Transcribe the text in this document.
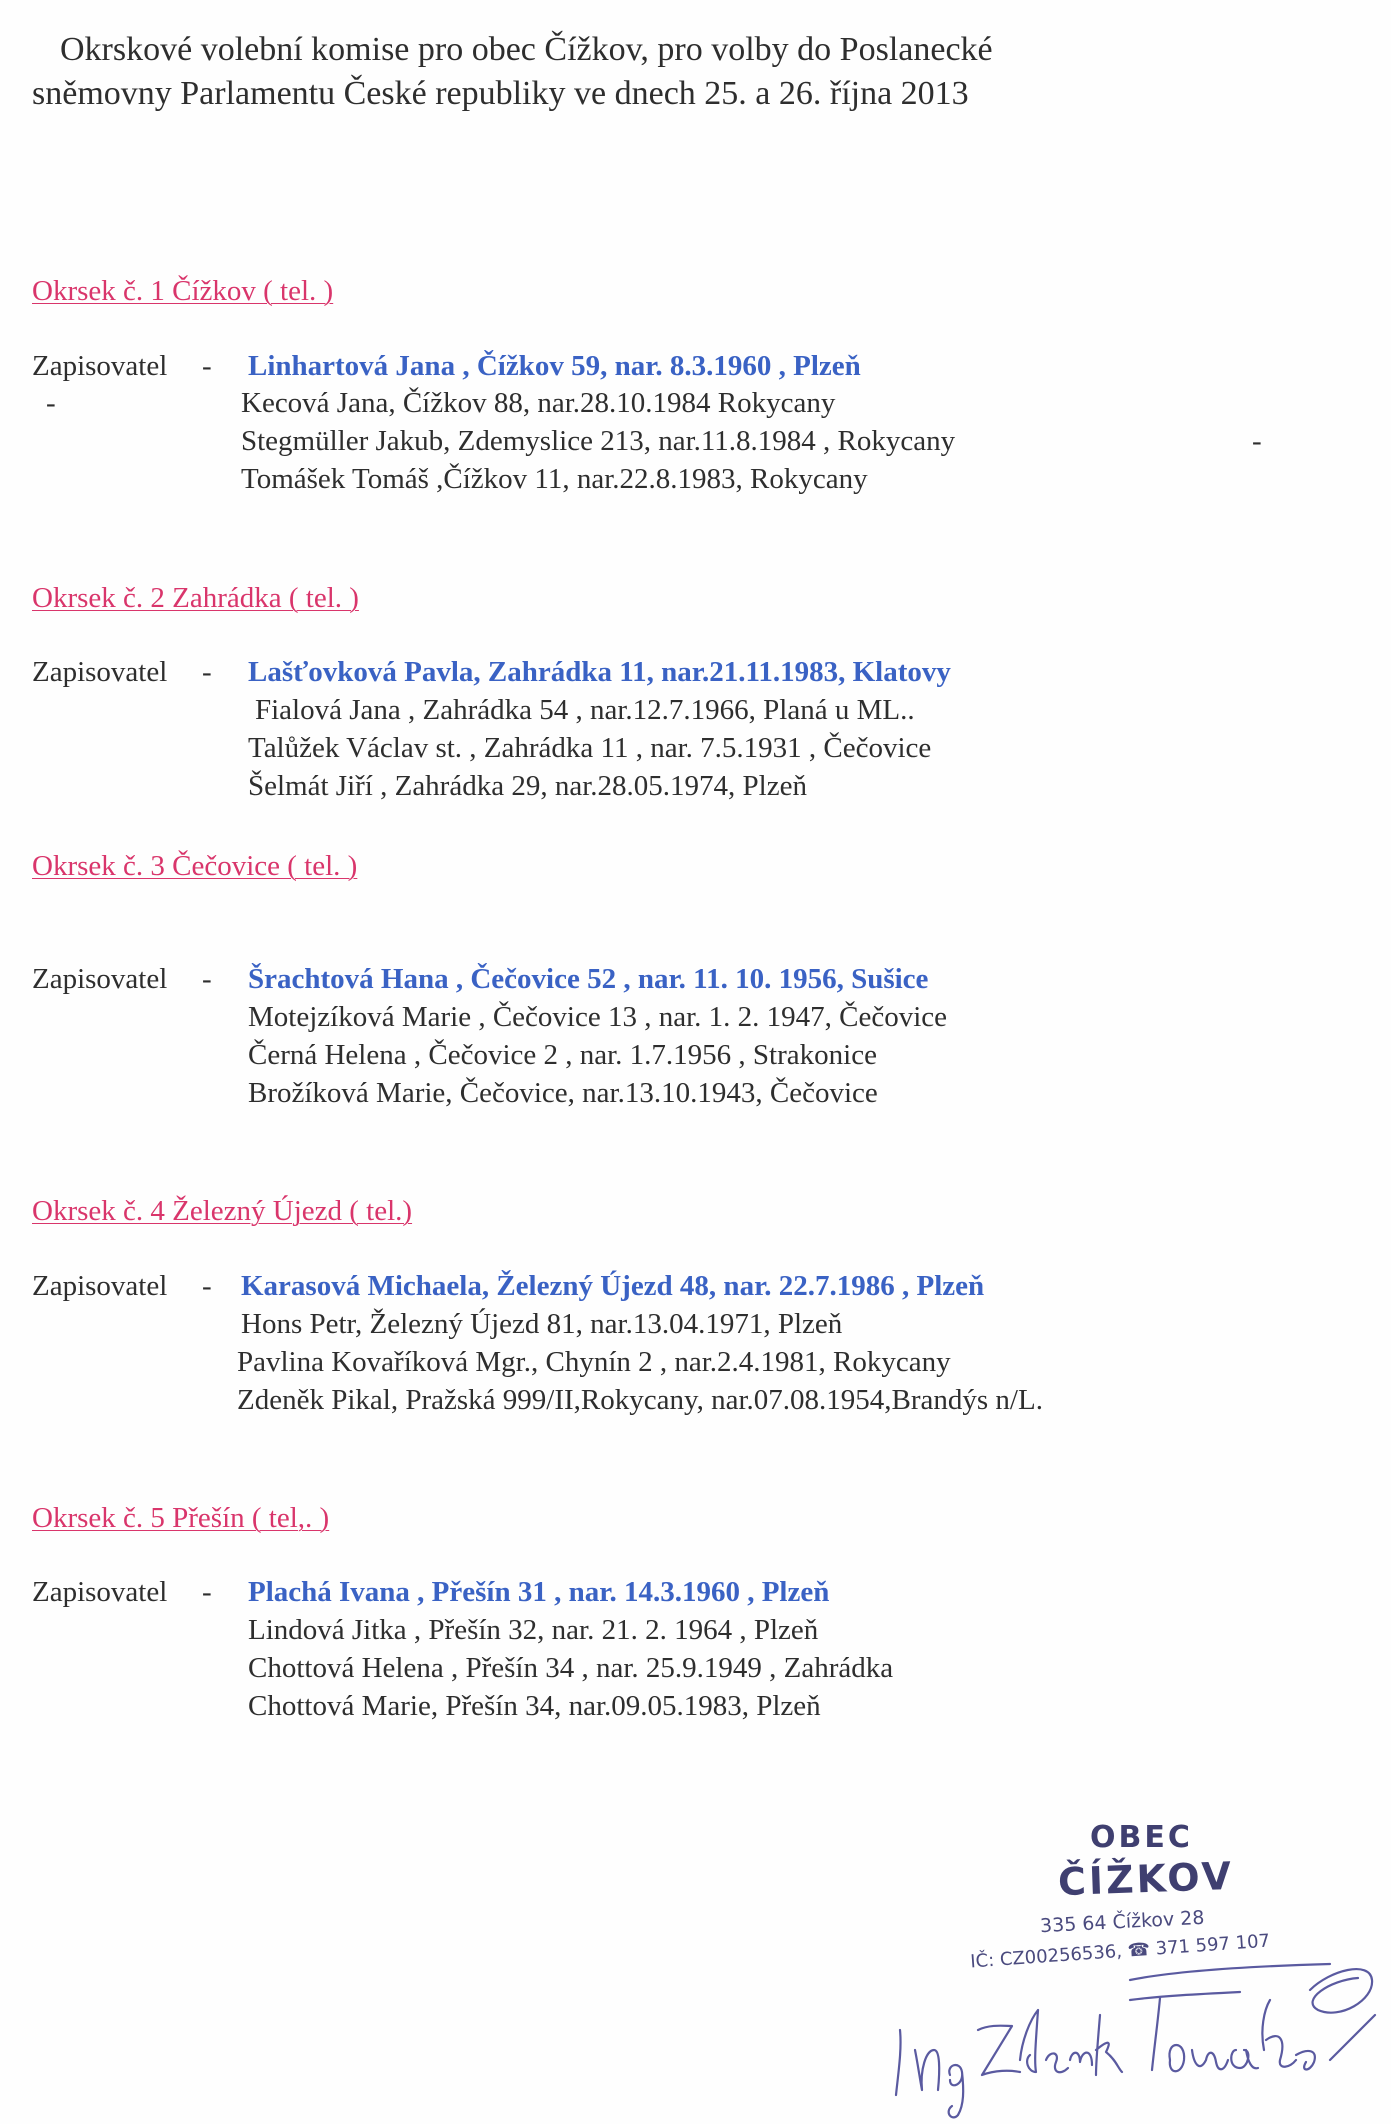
Okrskové volební komise pro obec Čížkov, pro volby do Poslanecké
sněmovny Parlamentu České republiky ve dnech 25. a 26. října 2013
Okrsek č. 1 Čížkov ( tel. )
Zapisovatel - Linhartová Jana , Čížkov 59, nar. 8.3.1960 , Plzeň
-	Kecová Jana, Čížkov 88, nar.28.10.1984 Rokycany
Stegmüller Jakub, Zdemyslice 213, nar.11.8.1984 , Rokycany	-
Tomášek Tomáš ,Čížkov 11, nar.22.8.1983, Rokycany
Okrsek č. 2 Zahrádka ( tel. )
Zapisovatel - Lašťovková Pavla, Zahrádka 11, nar.21.11.1983, Klatovy
Fialová Jana , Zahrádka 54 , nar.12.7.1966, Planá u ML..
Talůžek Václav st. , Zahrádka 11 , nar. 7.5.1931 , Čečovice
Šelmát Jiří , Zahrádka 29, nar.28.05.1974, Plzeň
Okrsek č. 3 Čečovice ( tel. )
Zapisovatel - Šrachtová Hana , Čečovice 52 , nar. 11. 10. 1956, Sušice
Motejzíková Marie , Čečovice 13 , nar. 1. 2. 1947, Čečovice
Černá Helena , Čečovice 2 , nar. 1.7.1956 , Strakonice
Brožíková Marie, Čečovice, nar.13.10.1943, Čečovice
Okrsek č. 4 Železný Újezd ( tel.)
Zapisovatel - Karasová Michaela, Železný Újezd 48, nar. 22.7.1986 , Plzeň
Hons Petr, Železný Újezd 81, nar.13.04.1971, Plzeň
Pavlina Kovaříková Mgr., Chynín 2 , nar.2.4.1981, Rokycany
Zdeněk Pikal, Pražská 999/II,Rokycany, nar.07.08.1954,Brandýs n/L.
Okrsek č. 5 Přešín ( tel,. )
Zapisovatel - Plachá Ivana , Přešín 31 , nar. 14.3.1960 , Plzeň
Lindová Jitka , Přešín 32, nar. 21. 2. 1964 , Plzeň
Chottová Helena , Přešín 34 , nar. 25.9.1949 , Zahrádka
Chottová Marie, Přešín 34, nar.09.05.1983, Plzeň
OBEC
ČÍŽKOV
335 64 Čížkov 28
IČ: CZ00256536, ☎ 371 597 107
